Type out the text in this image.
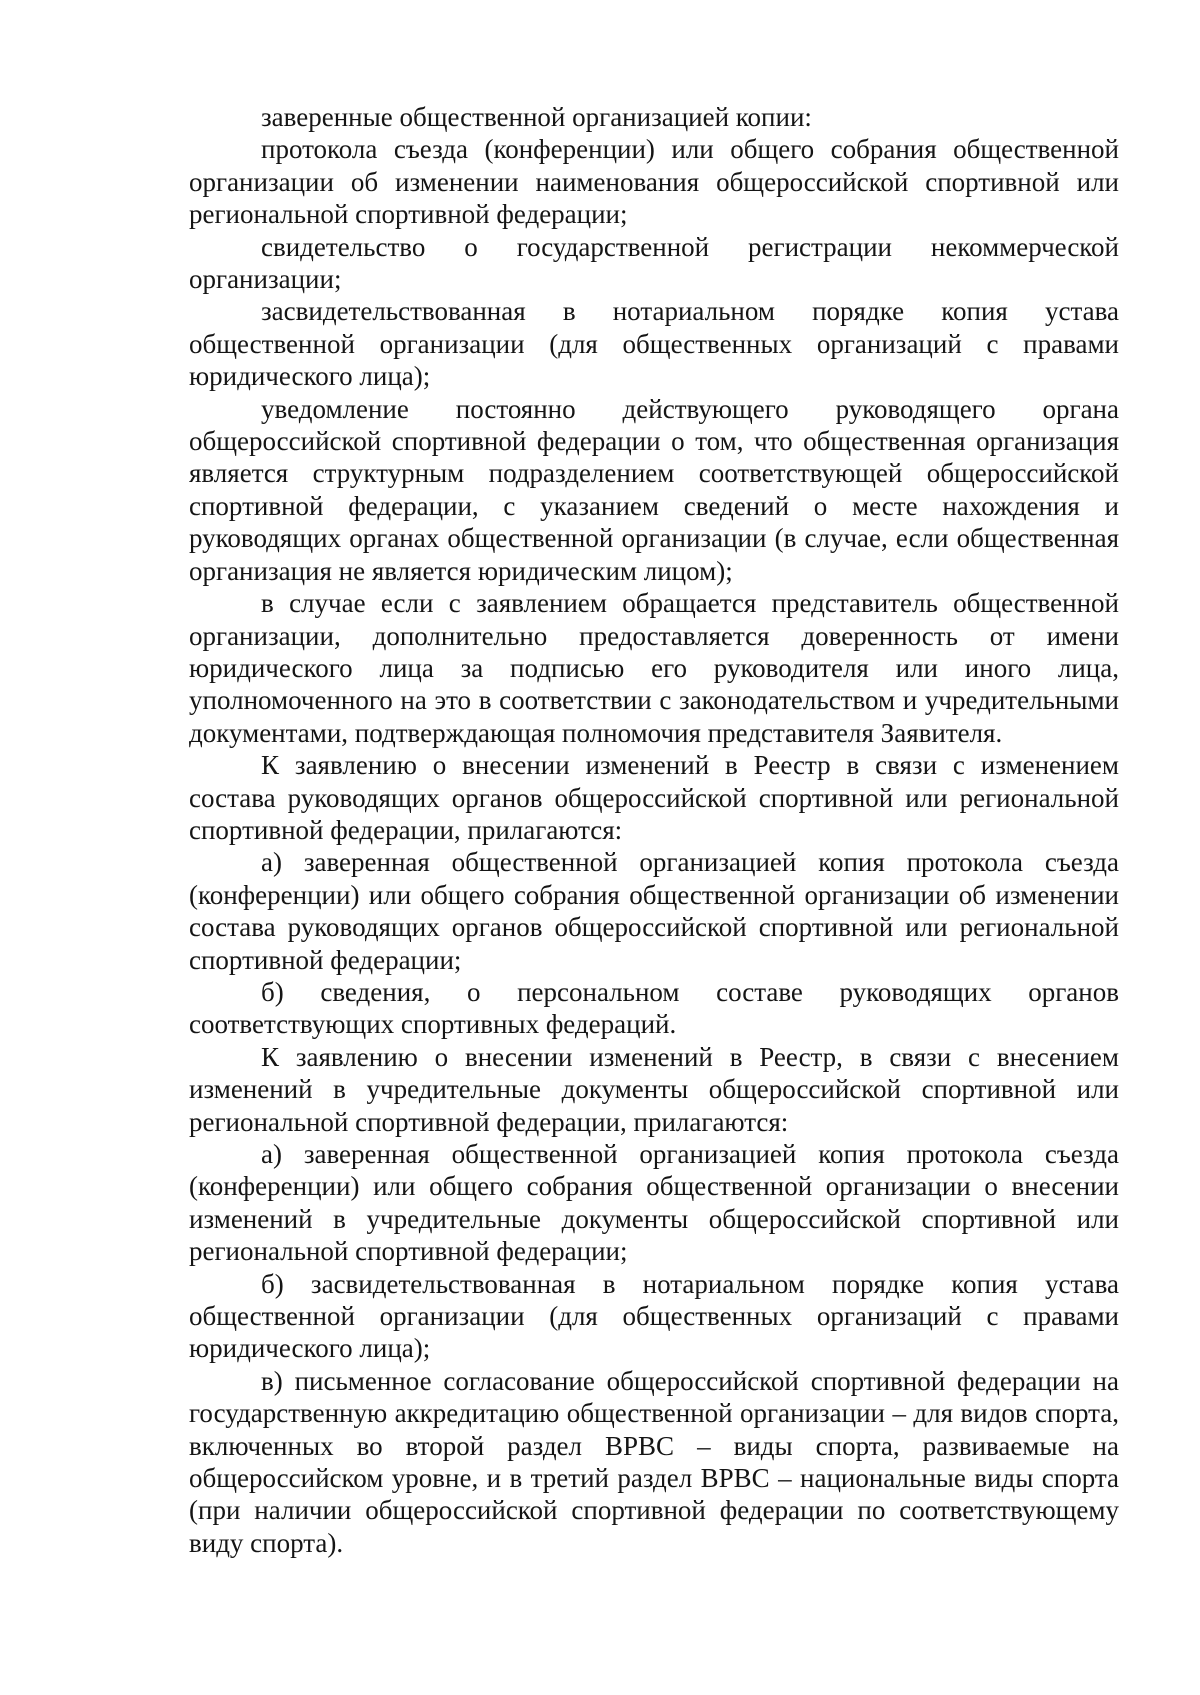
заверенные общественной организацией копии:

протокола съезда (конференции) или общего собрания общественной организации об изменении наименования общероссийской спортивной или региональной спортивной федерации;

свидетельство о государственной регистрации некоммерческой организации;

засвидетельствованная в нотариальном порядке копия устава общественной организации (для общественных организаций с правами юридического лица);

уведомление постоянно действующего руководящего органа общероссийской спортивной федерации о том, что общественная организация является структурным подразделением соответствующей общероссийской спортивной федерации, с указанием сведений о месте нахождения и руководящих органах общественной организации (в случае, если общественная организация не является юридическим лицом);

в случае если с заявлением обращается представитель общественной организации, дополнительно предоставляется доверенность от имени юридического лица за подписью его руководителя или иного лица, уполномоченного на это в соответствии с законодательством и учредительными документами, подтверждающая полномочия представителя Заявителя.

К заявлению о внесении изменений в Реестр в связи с изменением состава руководящих органов общероссийской спортивной или региональной спортивной федерации, прилагаются:

а) заверенная общественной организацией копия протокола съезда (конференции) или общего собрания общественной организации об изменении состава руководящих органов общероссийской спортивной или региональной спортивной федерации;

б) сведения, о персональном составе руководящих органов соответствующих спортивных федераций.

К заявлению о внесении изменений в Реестр, в связи с внесением изменений в учредительные документы общероссийской спортивной или региональной спортивной федерации, прилагаются:

а) заверенная общественной организацией копия протокола съезда (конференции) или общего собрания общественной организации о внесении изменений в учредительные документы общероссийской спортивной или региональной спортивной федерации;

б) засвидетельствованная в нотариальном порядке копия устава общественной организации (для общественных организаций с правами юридического лица);

в) письменное согласование общероссийской спортивной федерации на государственную аккредитацию общественной организации – для видов спорта, включенных во второй раздел ВРВС – виды спорта, развиваемые на общероссийском уровне, и в третий раздел ВРВС – национальные виды спорта (при наличии общероссийской спортивной федерации по соответствующему виду спорта).
